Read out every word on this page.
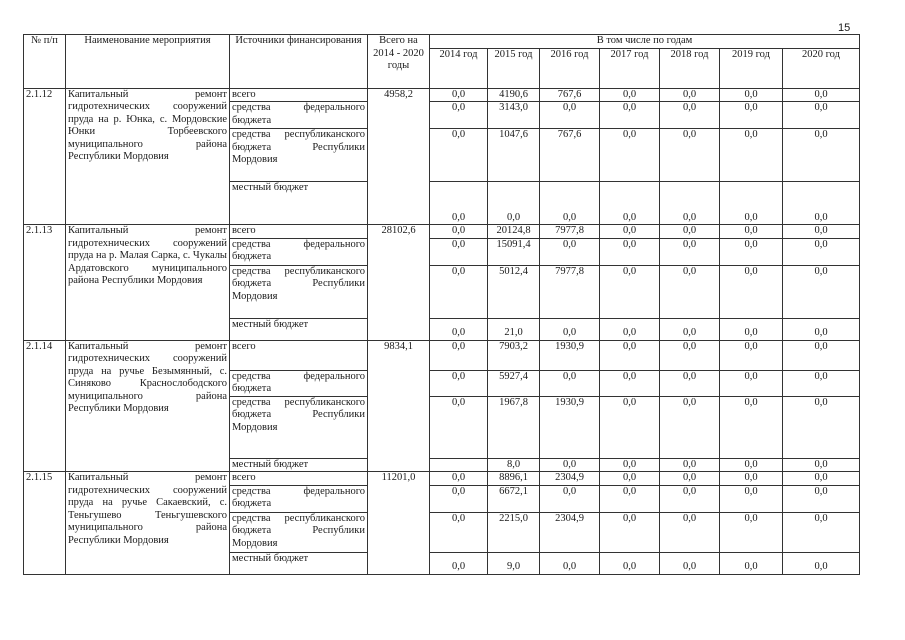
15
№ п/п	Наименование мероприятия	Источники финансирования	Всего на 2014 - 2020 годы	В том числе по годам						
				2014 год	2015 год	2016 год	2017 год	2018 год	2019 год	2020 год
2.1.12	Капитальный ремонт гидротехнических сооружений пруда на р. Юнка, с. Мордовские Юнки Торбеевского муниципального района Республики Мордовия	всего	4958,2	0,0	4190,6	767,6	0,0	0,0	0,0	0,0
		средства федерального бюджета		0,0	3143,0	0,0	0,0	0,0	0,0	0,0
		средства республиканского бюджета Республики Мордовия		0,0	1047,6	767,6	0,0	0,0	0,0	0,0
		местный бюджет		0,0	0,0	0,0	0,0	0,0	0,0	0,0
2.1.13	Капитальный ремонт гидротехнических сооружений пруда на р. Малая Сарка, с. Чукалы Ардатовского муниципального района Республики Мордовия	всего	28102,6	0,0	20124,8	7977,8	0,0	0,0	0,0	0,0
		средства федерального бюджета		0,0	15091,4	0,0	0,0	0,0	0,0	0,0
		средства республиканского бюджета Республики Мордовия		0,0	5012,4	7977,8	0,0	0,0	0,0	0,0
		местный бюджет		0,0	21,0	0,0	0,0	0,0	0,0	0,0
2.1.14	Капитальный ремонт гидротехнических сооружений пруда на ручье Безымянный, с. Синяково Краснослободского муниципального района Республики Мордовия	всего	9834,1	0,0	7903,2	1930,9	0,0	0,0	0,0	0,0
		средства федерального бюджета		0,0	5927,4	0,0	0,0	0,0	0,0	0,0
		средства республиканского бюджета Республики Мордовия		0,0	1967,8	1930,9	0,0	0,0	0,0	0,0
		местный бюджет			8,0	0,0	0,0	0,0	0,0	0,0
2.1.15	Капитальный ремонт гидротехнических сооружений пруда на ручье Сакаевский, с. Теньгушево Теньгушевского муниципального района Республики Мордовия	всего	11201,0	0,0	8896,1	2304,9	0,0	0,0	0,0	0,0
		средства федерального бюджета		0,0	6672,1	0,0	0,0	0,0	0,0	0,0
		средства республиканского бюджета Республики Мордовия		0,0	2215,0	2304,9	0,0	0,0	0,0	0,0
		местный бюджет		0,0	9,0	0,0	0,0	0,0	0,0	0,0
